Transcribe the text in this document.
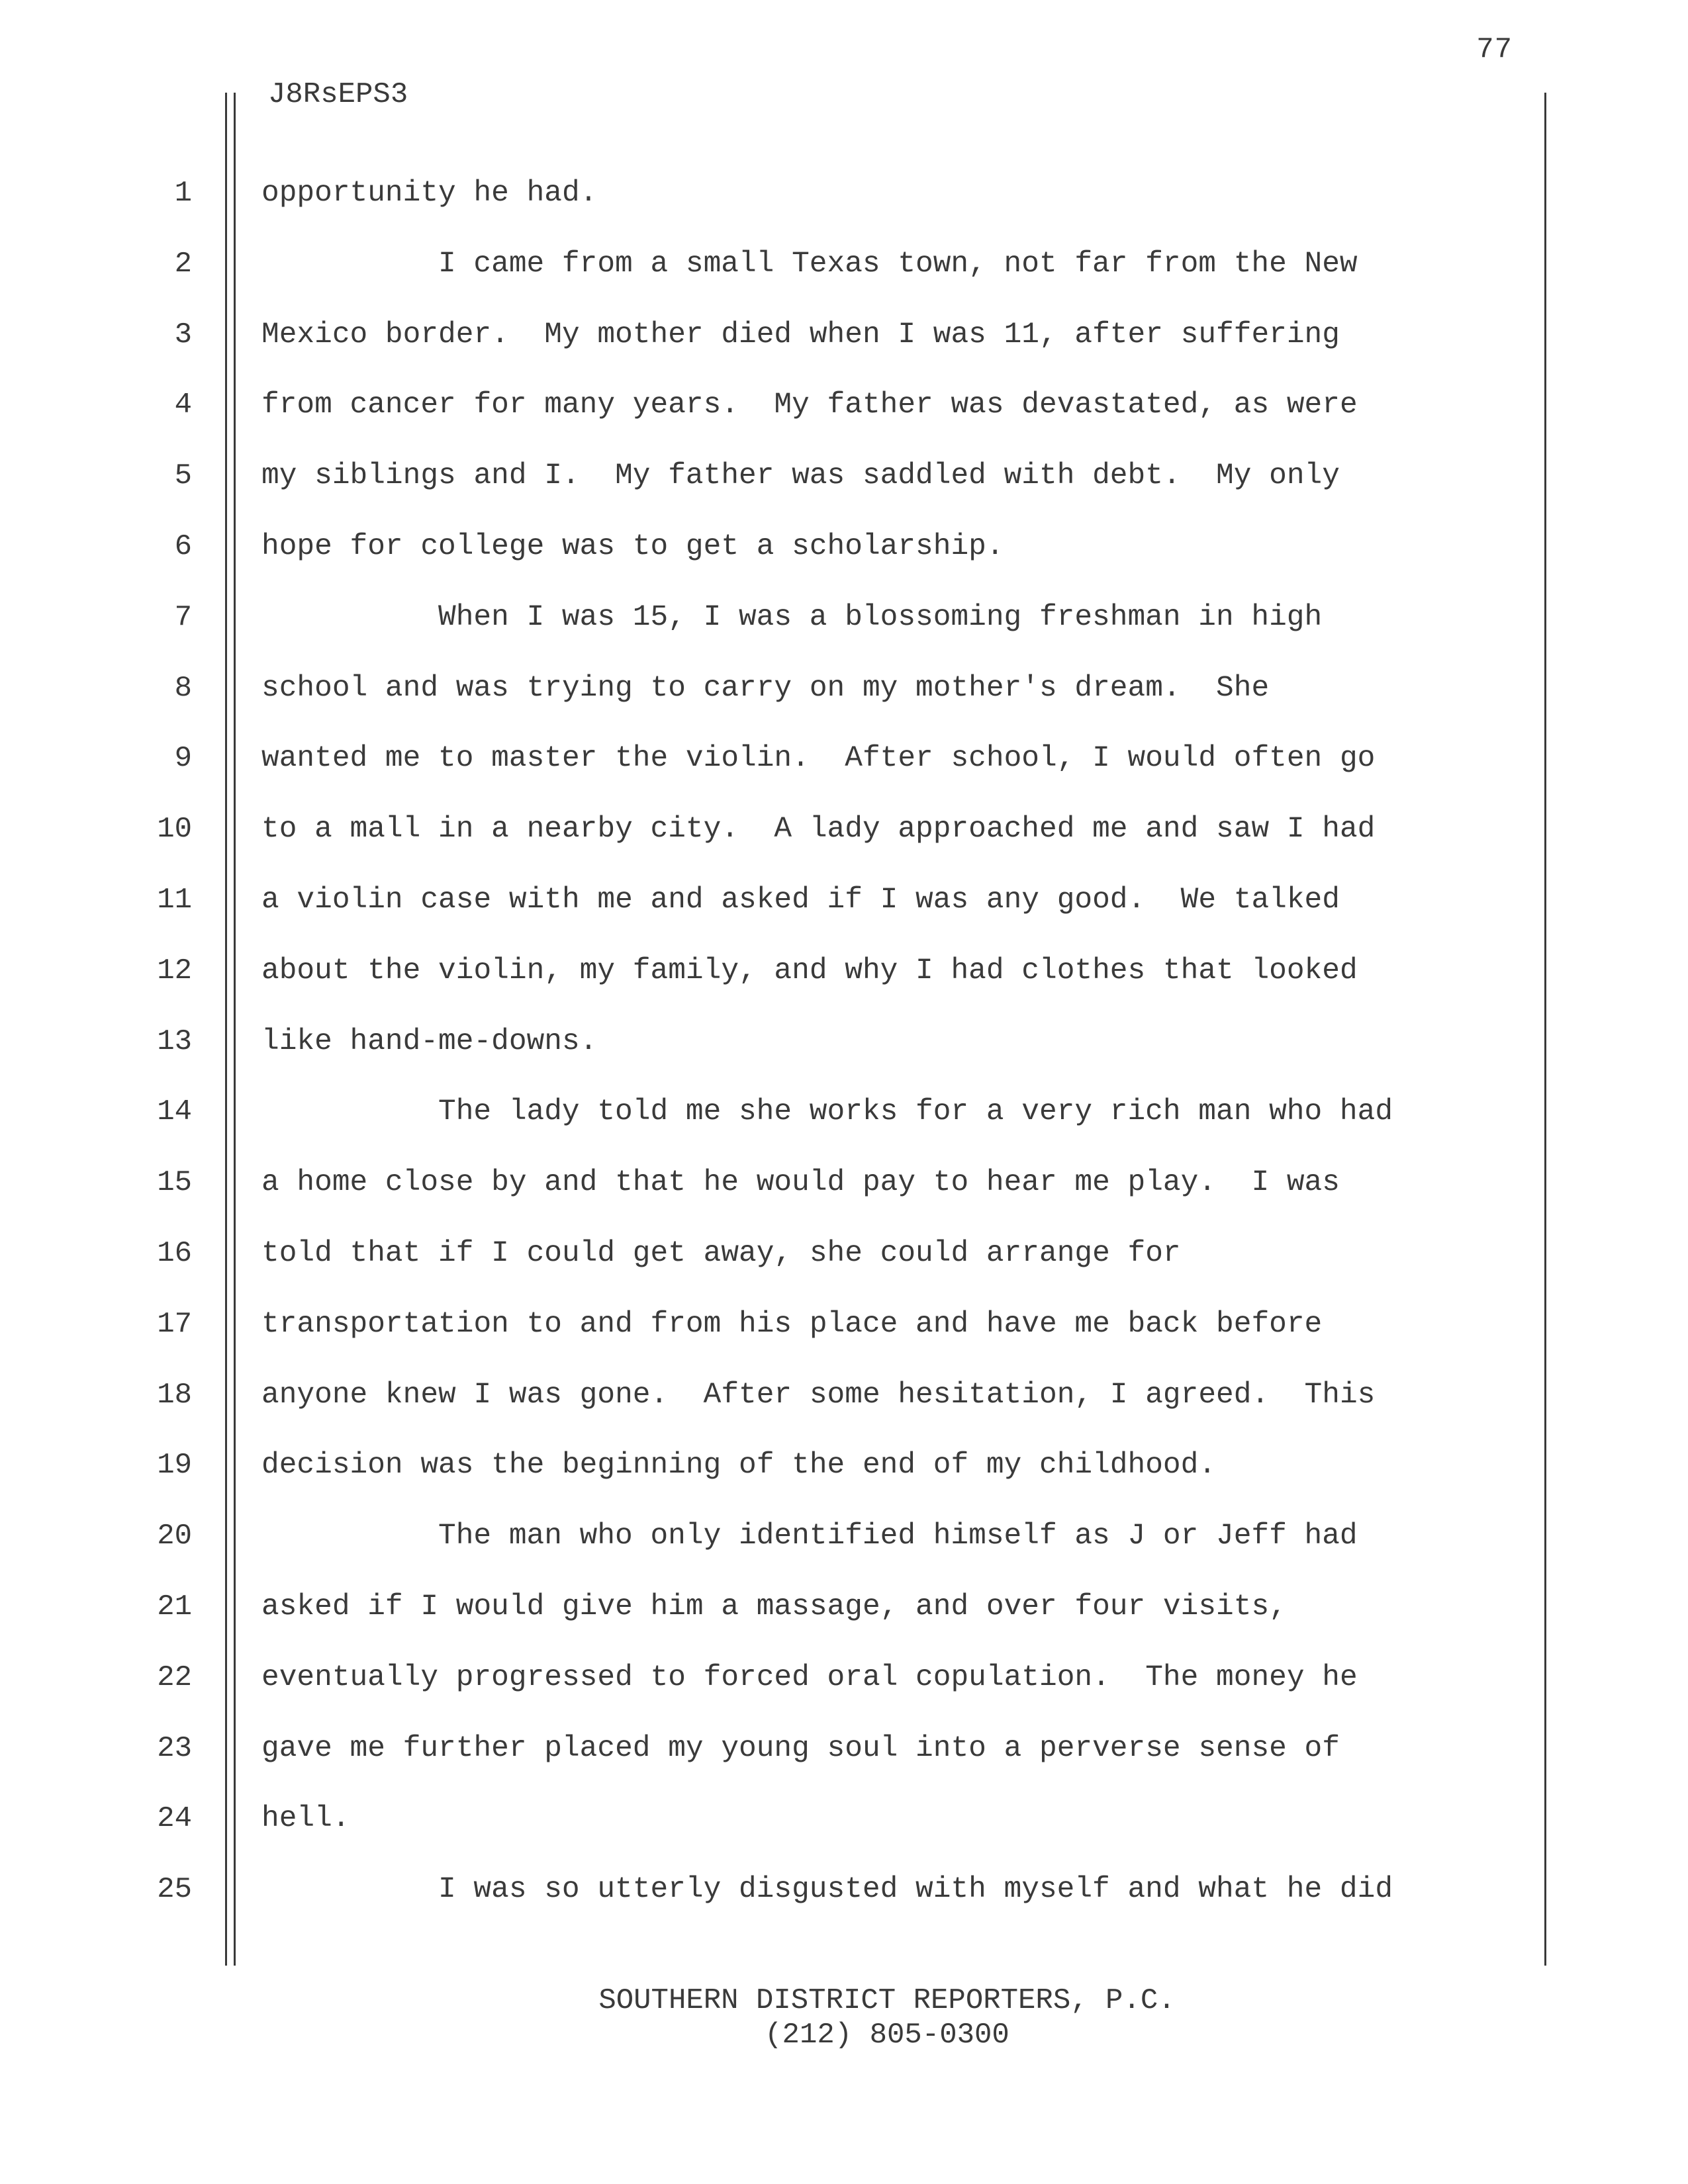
77
J8RsEPS3
1 opportunity he had.
2	I came from a small Texas town, not far from the New
3 Mexico border.  My mother died when I was 11, after suffering
4 from cancer for many years.  My father was devastated, as were
5 my siblings and I.  My father was saddled with debt.  My only
6 hope for college was to get a scholarship.
7	When I was 15, I was a blossoming freshman in high
8 school and was trying to carry on my mother's dream.  She
9 wanted me to master the violin.  After school, I would often go
10 to a mall in a nearby city.  A lady approached me and saw I had
11 a violin case with me and asked if I was any good.  We talked
12 about the violin, my family, and why I had clothes that looked
13 like hand-me-downs.
14	The lady told me she works for a very rich man who had
15 a home close by and that he would pay to hear me play.  I was
16 told that if I could get away, she could arrange for
17 transportation to and from his place and have me back before
18 anyone knew I was gone.  After some hesitation, I agreed.  This
19 decision was the beginning of the end of my childhood.
20	The man who only identified himself as J or Jeff had
21 asked if I would give him a massage, and over four visits,
22 eventually progressed to forced oral copulation.  The money he
23 gave me further placed my young soul into a perverse sense of
24 hell.
25	I was so utterly disgusted with myself and what he did
SOUTHERN DISTRICT REPORTERS, P.C.
(212) 805-0300
